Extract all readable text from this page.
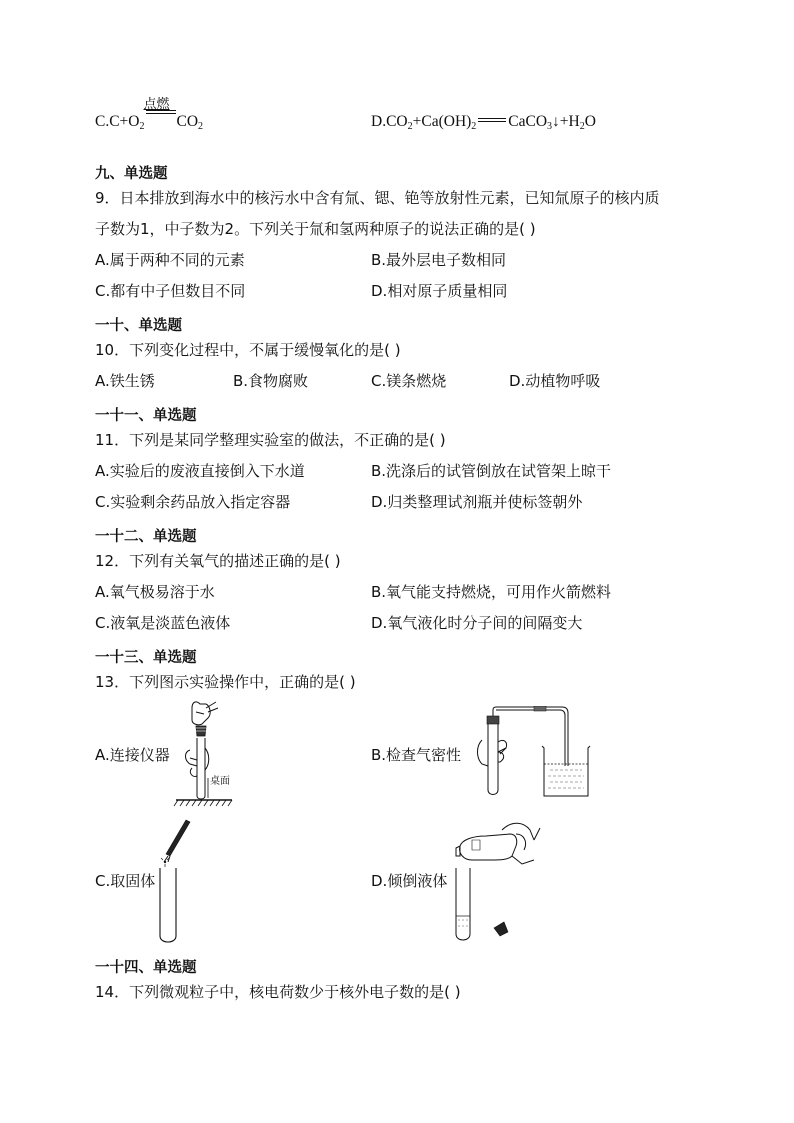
$C.C+O_2$
点燃
$CO_2$	$D.CO_2+Ca(OH)_2$ $CaCO_3↓+H_2O$
九、单选题
9．日本排放到海水中的核污水中含有氚、锶、铯等放射性元素，已知氚原子的核内质
子数为1，中子数为2。下列关于氚和氢两种原子的说法正确的是( )
A.属于两种不同的元素	B.最外层电子数相同
C.都有中子但数目不同	D.相对原子质量相同
一十、单选题
10．下列变化过程中，不属于缓慢氧化的是( )
A.铁生锈	B.食物腐败	C.镁条燃烧	D.动植物呼吸
一十一、单选题
11．下列是某同学整理实验室的做法，不正确的是( )
A.实验后的废液直接倒入下水道	B.洗涤后的试管倒放在试管架上晾干
C.实验剩余药品放入指定容器	D.归类整理试剂瓶并使标签朝外
一十二、单选题
12．下列有关氧气的描述正确的是( )
A.氧气极易溶于水	B.氧气能支持燃烧，可用作火箭燃料
C.液氧是淡蓝色液体	D.氧气液化时分子间的间隔变大
一十三、单选题
13．下列图示实验操作中，正确的是( )
A.连接仪器	B.检查气密性
C.取固体	D.倾倒液体
桌面
一十四、单选题
14．下列微观粒子中，核电荷数少于核外电子数的是( )
